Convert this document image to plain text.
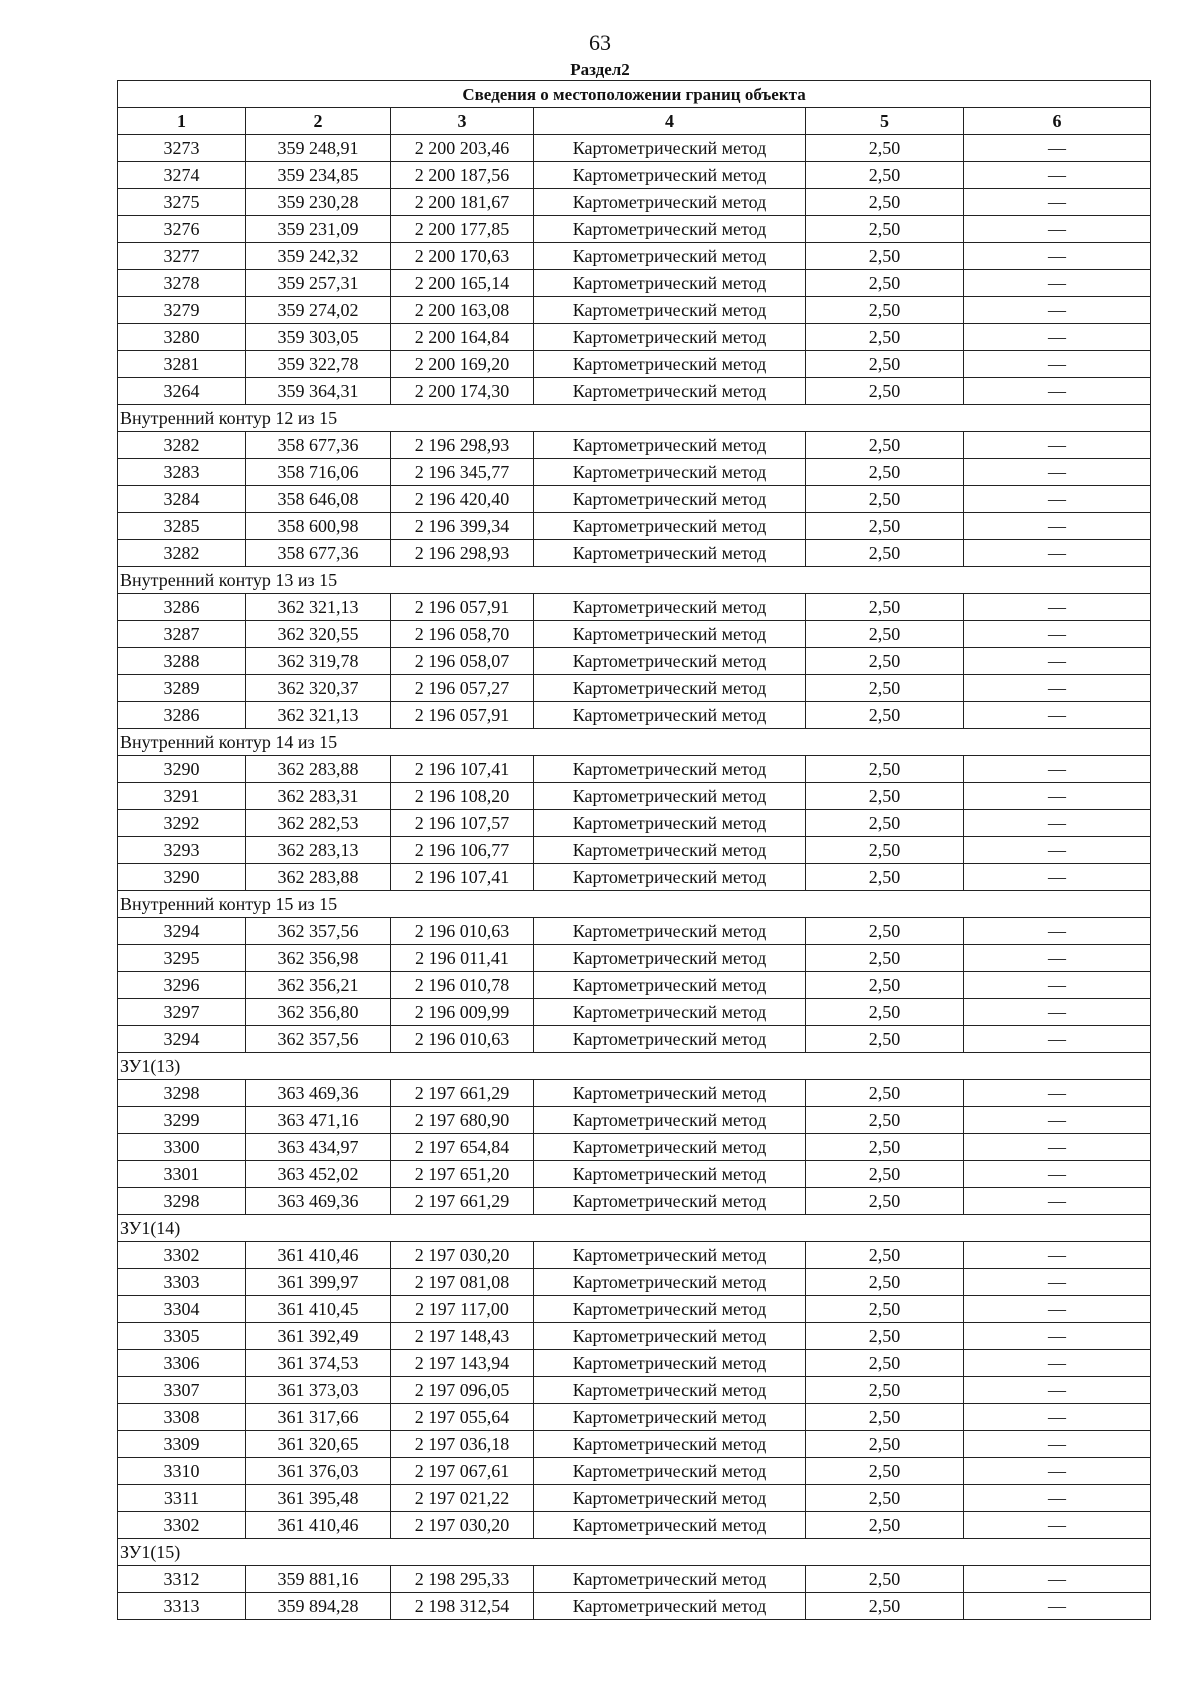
63
Раздел2
Сведения о местоположении границ объекта					
1	2	3	4	5	6
3273	359 248,91	2 200 203,46	Картометрический метод	2,50	—
3274	359 234,85	2 200 187,56	Картометрический метод	2,50	—
3275	359 230,28	2 200 181,67	Картометрический метод	2,50	—
3276	359 231,09	2 200 177,85	Картометрический метод	2,50	—
3277	359 242,32	2 200 170,63	Картометрический метод	2,50	—
3278	359 257,31	2 200 165,14	Картометрический метод	2,50	—
3279	359 274,02	2 200 163,08	Картометрический метод	2,50	—
3280	359 303,05	2 200 164,84	Картометрический метод	2,50	—
3281	359 322,78	2 200 169,20	Картометрический метод	2,50	—
3264	359 364,31	2 200 174,30	Картометрический метод	2,50	—
Внутренний контур 12 из 15					
3282	358 677,36	2 196 298,93	Картометрический метод	2,50	—
3283	358 716,06	2 196 345,77	Картометрический метод	2,50	—
3284	358 646,08	2 196 420,40	Картометрический метод	2,50	—
3285	358 600,98	2 196 399,34	Картометрический метод	2,50	—
3282	358 677,36	2 196 298,93	Картометрический метод	2,50	—
Внутренний контур 13 из 15					
3286	362 321,13	2 196 057,91	Картометрический метод	2,50	—
3287	362 320,55	2 196 058,70	Картометрический метод	2,50	—
3288	362 319,78	2 196 058,07	Картометрический метод	2,50	—
3289	362 320,37	2 196 057,27	Картометрический метод	2,50	—
3286	362 321,13	2 196 057,91	Картометрический метод	2,50	—
Внутренний контур 14 из 15					
3290	362 283,88	2 196 107,41	Картометрический метод	2,50	—
3291	362 283,31	2 196 108,20	Картометрический метод	2,50	—
3292	362 282,53	2 196 107,57	Картометрический метод	2,50	—
3293	362 283,13	2 196 106,77	Картометрический метод	2,50	—
3290	362 283,88	2 196 107,41	Картометрический метод	2,50	—
Внутренний контур 15 из 15					
3294	362 357,56	2 196 010,63	Картометрический метод	2,50	—
3295	362 356,98	2 196 011,41	Картометрический метод	2,50	—
3296	362 356,21	2 196 010,78	Картометрический метод	2,50	—
3297	362 356,80	2 196 009,99	Картометрический метод	2,50	—
3294	362 357,56	2 196 010,63	Картометрический метод	2,50	—
ЗУ1(13)					
3298	363 469,36	2 197 661,29	Картометрический метод	2,50	—
3299	363 471,16	2 197 680,90	Картометрический метод	2,50	—
3300	363 434,97	2 197 654,84	Картометрический метод	2,50	—
3301	363 452,02	2 197 651,20	Картометрический метод	2,50	—
3298	363 469,36	2 197 661,29	Картометрический метод	2,50	—
ЗУ1(14)					
3302	361 410,46	2 197 030,20	Картометрический метод	2,50	—
3303	361 399,97	2 197 081,08	Картометрический метод	2,50	—
3304	361 410,45	2 197 117,00	Картометрический метод	2,50	—
3305	361 392,49	2 197 148,43	Картометрический метод	2,50	—
3306	361 374,53	2 197 143,94	Картометрический метод	2,50	—
3307	361 373,03	2 197 096,05	Картометрический метод	2,50	—
3308	361 317,66	2 197 055,64	Картометрический метод	2,50	—
3309	361 320,65	2 197 036,18	Картометрический метод	2,50	—
3310	361 376,03	2 197 067,61	Картометрический метод	2,50	—
3311	361 395,48	2 197 021,22	Картометрический метод	2,50	—
3302	361 410,46	2 197 030,20	Картометрический метод	2,50	—
ЗУ1(15)					
3312	359 881,16	2 198 295,33	Картометрический метод	2,50	—
3313	359 894,28	2 198 312,54	Картометрический метод	2,50	—
